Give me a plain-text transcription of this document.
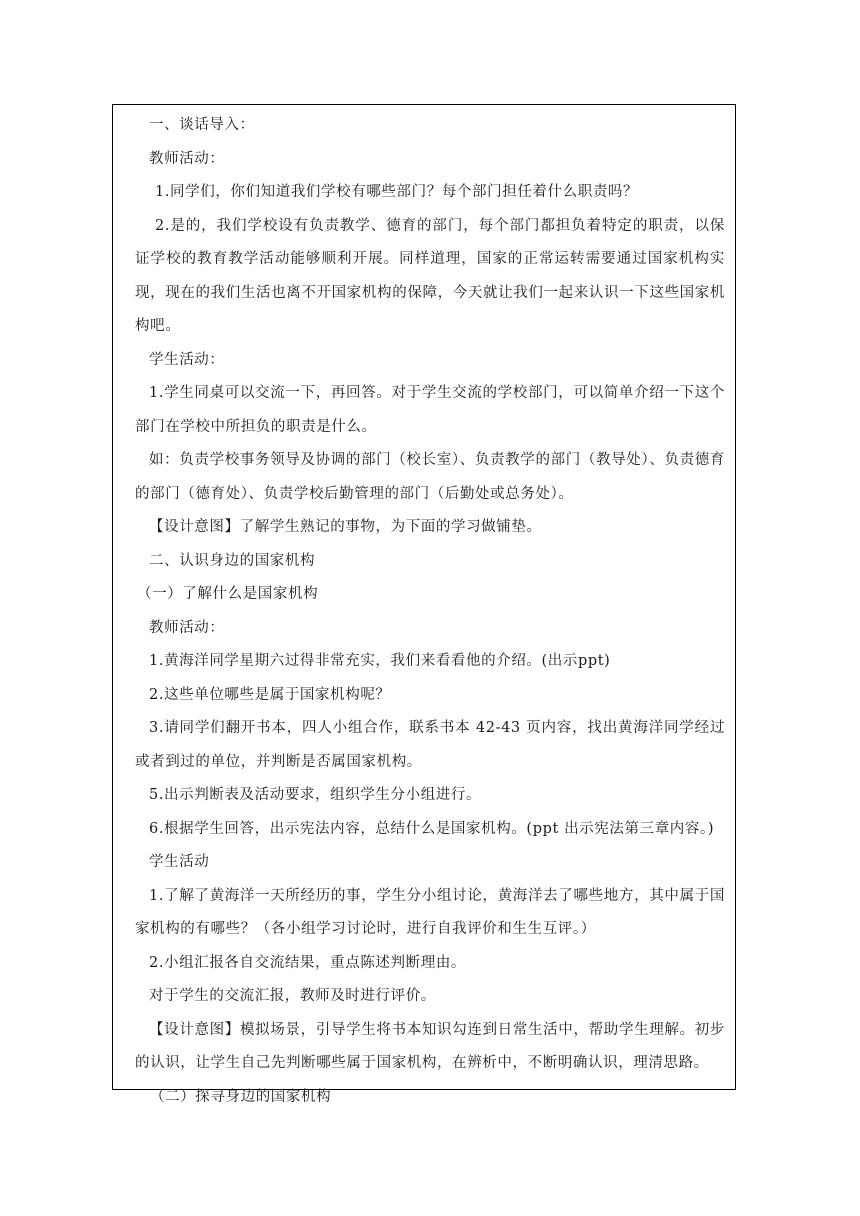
一、谈话导入：

教师活动：

1.同学们，你们知道我们学校有哪些部门？每个部门担任着什么职责吗？

2.是的，我们学校设有负责教学、德育的部门，每个部门都担负着特定的职责，以保证学校的教育教学活动能够顺利开展。同样道理，国家的正常运转需要通过国家机构实现，现在的我们生活也离不开国家机构的保障，今天就让我们一起来认识一下这些国家机构吧。

学生活动：

1.学生同桌可以交流一下，再回答。对于学生交流的学校部门，可以简单介绍一下这个部门在学校中所担负的职责是什么。

如：负责学校事务领导及协调的部门（校长室）、负责教学的部门（教导处）、负责德育的部门（德育处）、负责学校后勤管理的部门（后勤处或总务处）。

【设计意图】了解学生熟记的事物，为下面的学习做铺垫。

二、认识身边的国家机构

（一）了解什么是国家机构

教师活动：

1.黄海洋同学星期六过得非常充实，我们来看看他的介绍。(出示ppt)

2.这些单位哪些是属于国家机构呢？

3.请同学们翻开书本，四人小组合作，联系书本 42-43 页内容，找出黄海洋同学经过或者到过的单位，并判断是否属国家机构。

5.出示判断表及活动要求，组织学生分小组进行。

6.根据学生回答，出示宪法内容，总结什么是国家机构。(ppt 出示宪法第三章内容。)

学生活动

1.了解了黄海洋一天所经历的事，学生分小组讨论，黄海洋去了哪些地方，其中属于国家机构的有哪些？（各小组学习讨论时，进行自我评价和生生互评。）

2.小组汇报各自交流结果，重点陈述判断理由。

对于学生的交流汇报，教师及时进行评价。

【设计意图】模拟场景，引导学生将书本知识勾连到日常生活中，帮助学生理解。初步的认识，让学生自己先判断哪些属于国家机构，在辨析中，不断明确认识，理清思路。

（二）探寻身边的国家机构
